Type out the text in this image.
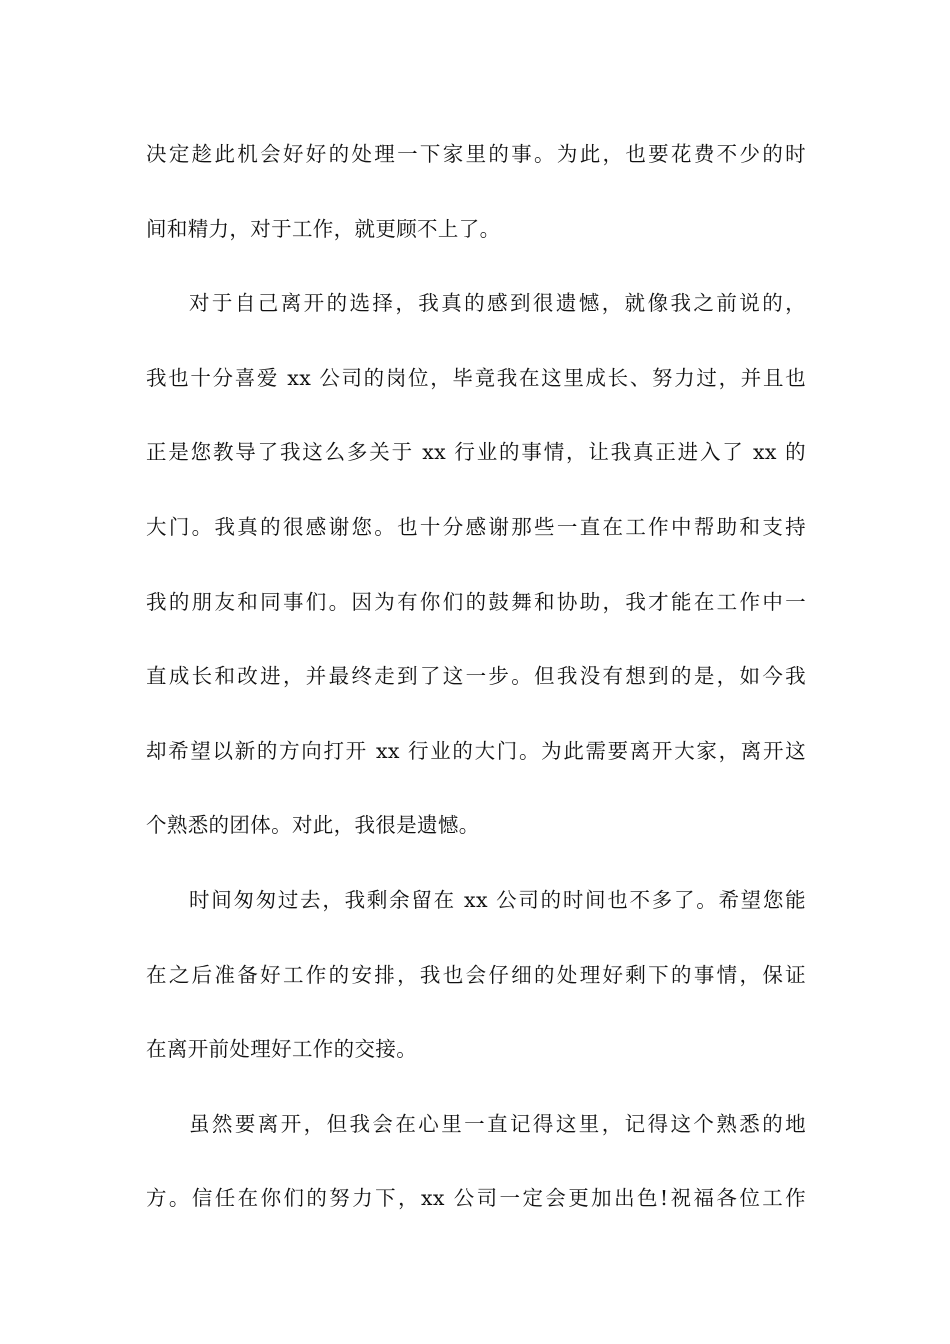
决定趁此机会好好的处理一下家里的事。为此，也要花费不少的时
间和精力，对于工作，就更顾不上了。
对于自己离开的选择，我真的感到很遗憾，就像我之前说的，
我也十分喜爱 xx 公司的岗位，毕竟我在这里成长、努力过，并且也
正是您教导了我这么多关于 xx 行业的事情，让我真正进入了 xx 的
大门。我真的很感谢您。也十分感谢那些一直在工作中帮助和支持
我的朋友和同事们。因为有你们的鼓舞和协助，我才能在工作中一
直成长和改进，并最终走到了这一步。但我没有想到的是，如今我
却希望以新的方向打开 xx 行业的大门。为此需要离开大家，离开这
个熟悉的团体。对此，我很是遗憾。
时间匆匆过去，我剩余留在 xx 公司的时间也不多了。希望您能
在之后准备好工作的安排，我也会仔细的处理好剩下的事情，保证
在离开前处理好工作的交接。
虽然要离开，但我会在心里一直记得这里，记得这个熟悉的地
方。信任在你们的努力下，xx 公司一定会更加出色!祝福各位工作
